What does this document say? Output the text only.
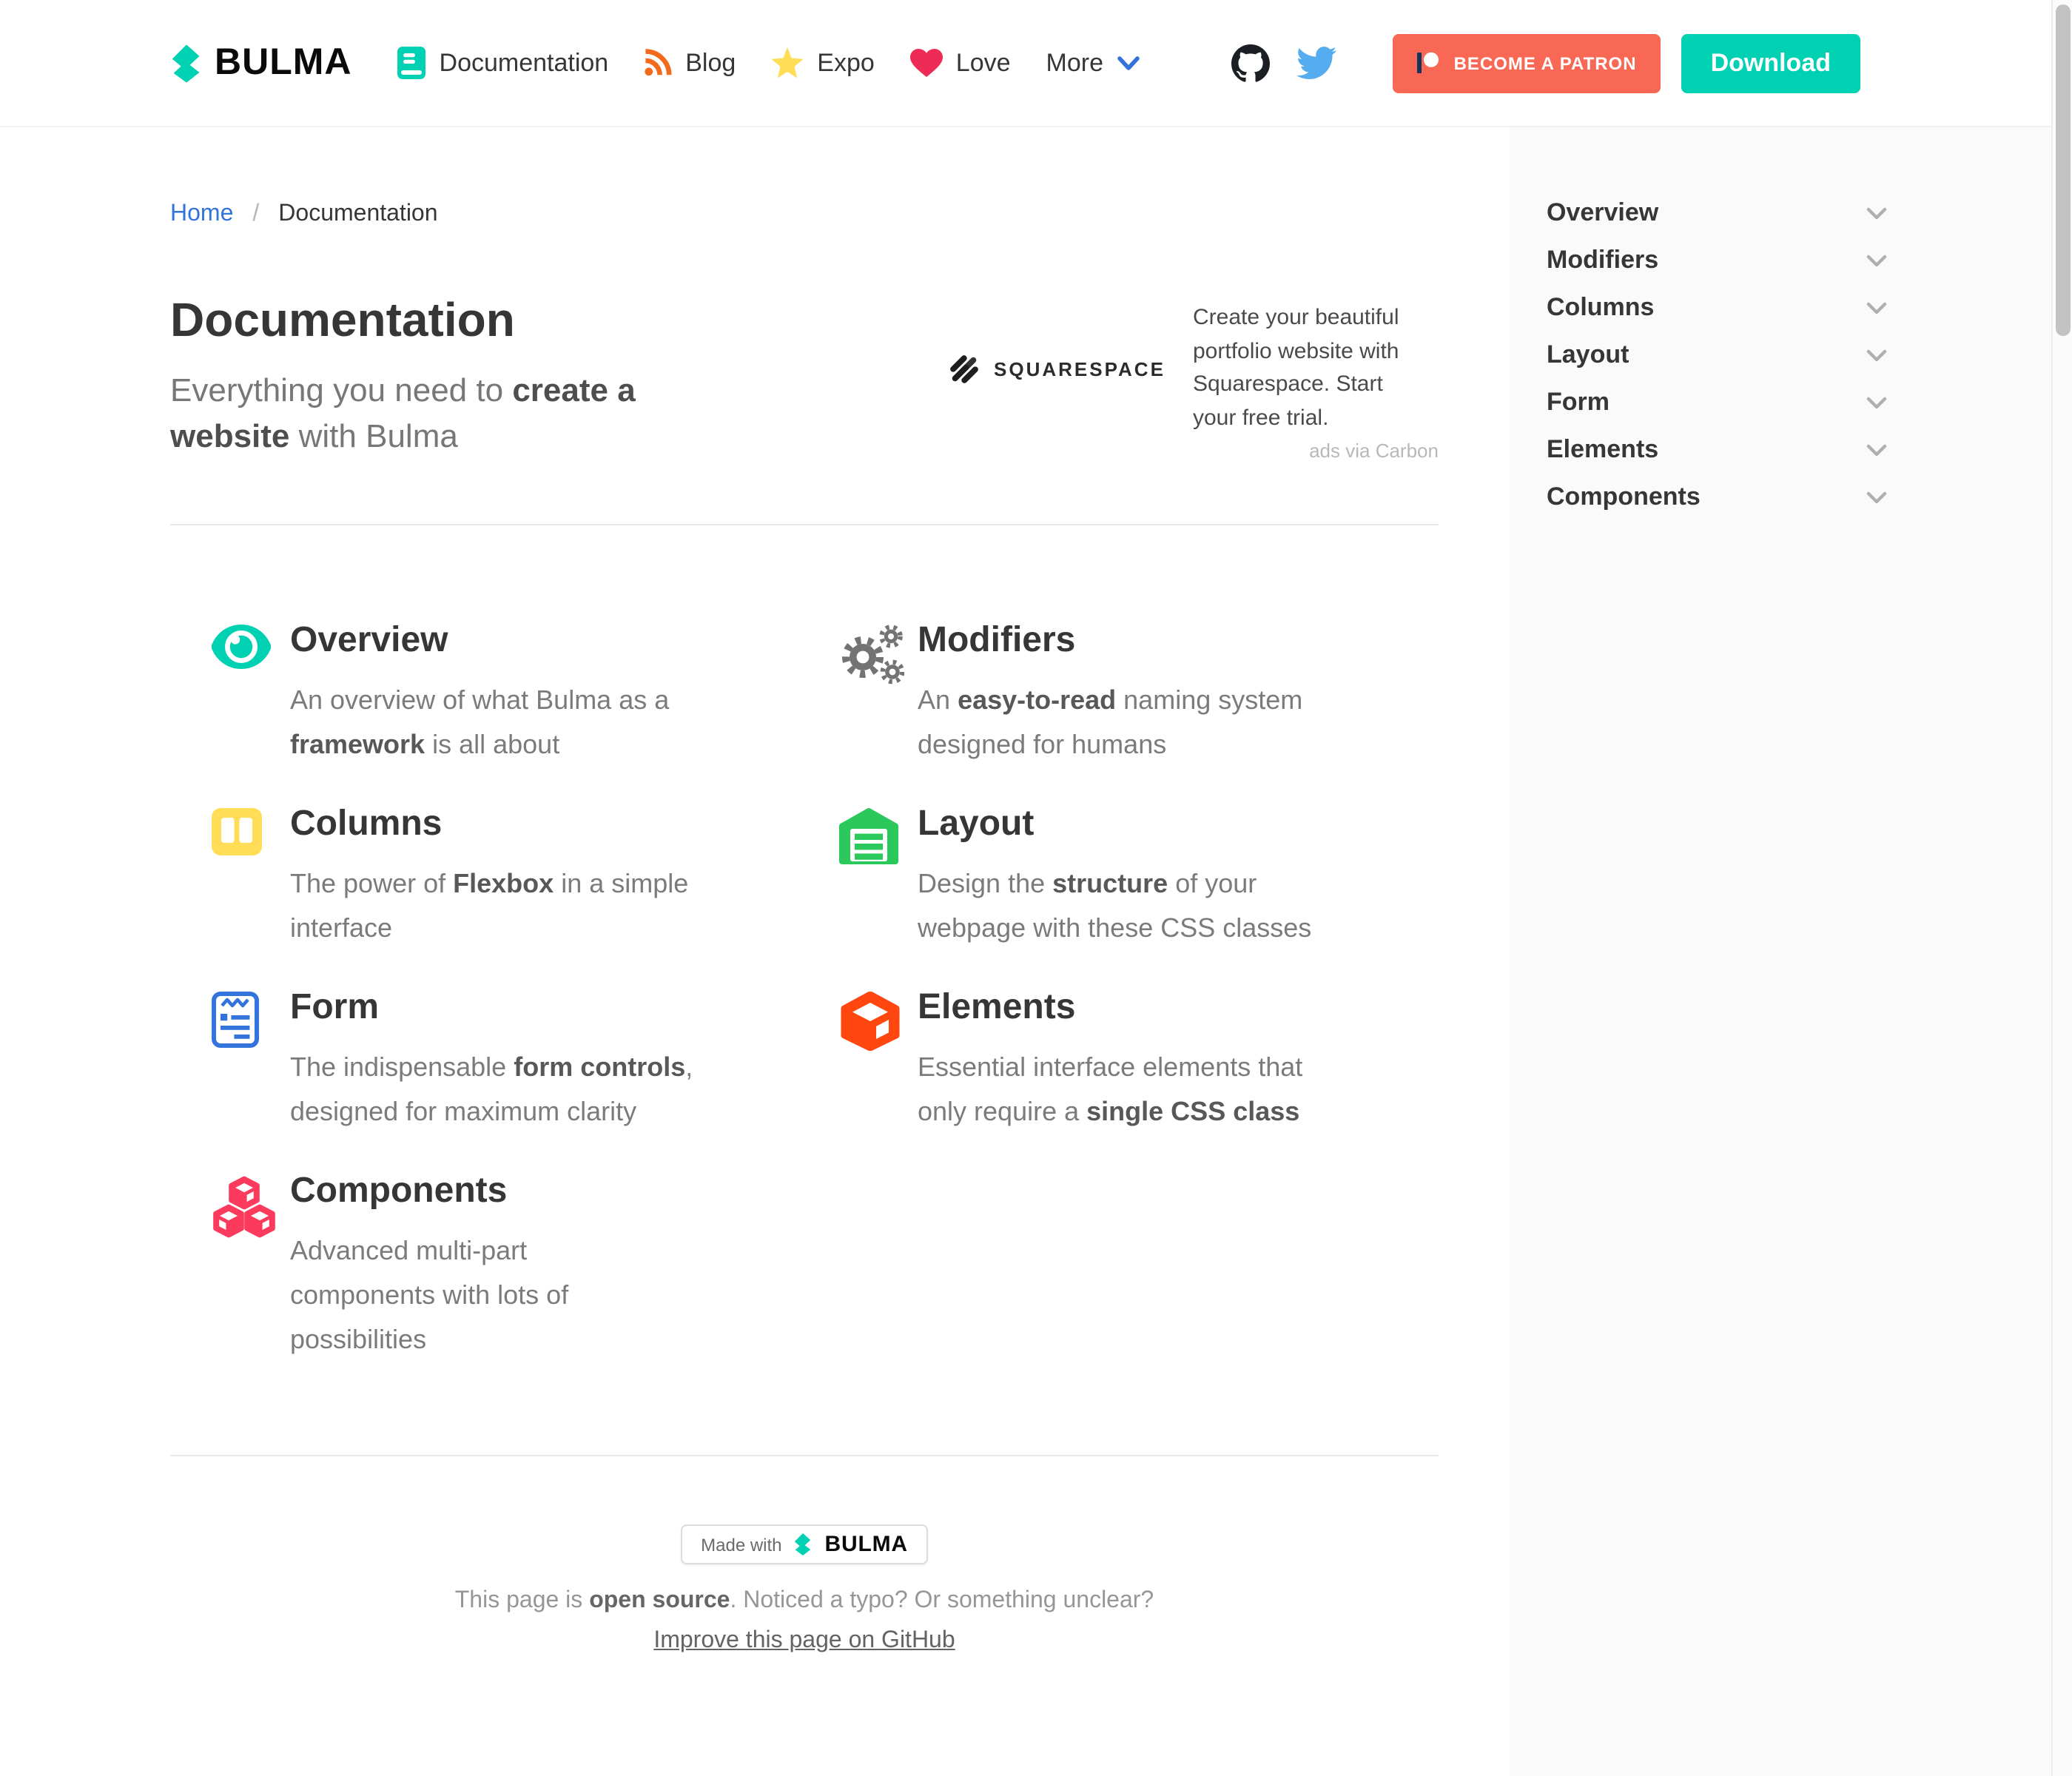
BULMA	Documentation	Blog	Expo	Love	More	BECOME A PATRON	Download
Overview
Modifiers
Columns
Layout
Form
Elements
Components
Home	/	Documentation
Documentation
Everything you need to create a
website with Bulma
SQUARESPACE
Create your beautiful
portfolio website with
Squarespace. Start
your free trial.
ads via Carbon
Overview
An overview of what Bulma as a
framework is all about
Modifiers
An easy-to-read naming system
designed for humans
Columns
The power of Flexbox in a simple
interface
Layout
Design the structure of your
webpage with these CSS classes
Form
The indispensable form controls,
designed for maximum clarity
Elements
Essential interface elements that
only require a single CSS class
Components
Advanced multi-part
components with lots of
possibilities
Made with	BULMA
This page is open source. Noticed a typo? Or something unclear?
Improve this page on GitHub
